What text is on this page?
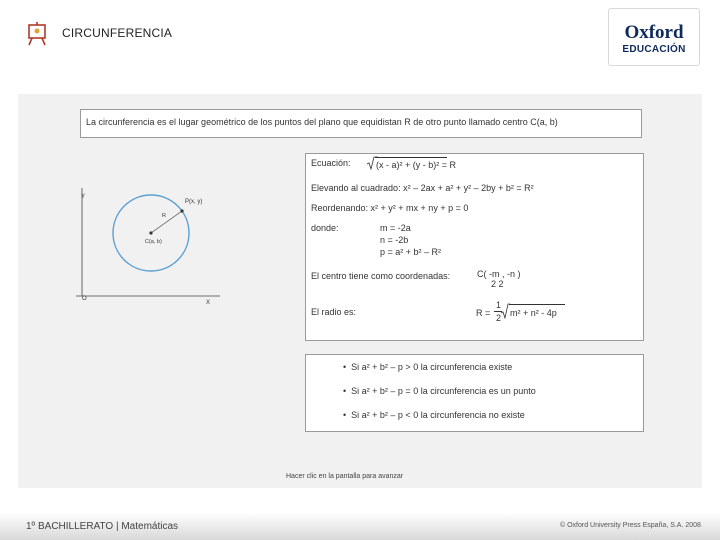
CIRCUNFERENCIA	Oxford
EDUCACIÓN
La circunferencia es el lugar geométrico de los puntos del plano que equidistan R de otro punto llamado centro C(a, b)
Y
X
O
P(x, y)
R
C(a, b)
Ecuación:	(x - a)² + (y - b)² = R
Elevando al cuadrado: x² – 2ax + a² + y² – 2by + b² = R²
Reordenando: x² + y² + mx + ny + p = 0
donde:	m = -2a
n = -2b
p = a² + b² – R²
El centro tiene como coordenadas:	C( -m , -n )
2 2
El radio es:	R =
1
2 m² + n² - 4p
•  Si a² + b² – p > 0 la circunferencia existe
•  Si a² + b² – p = 0 la circunferencia es un punto
•  Si a² + b² – p < 0 la circunferencia no existe
Hacer clic en la pantalla para avanzar
1º BACHILLERATO | Matemáticas	© Oxford University Press España, S.A. 2008
